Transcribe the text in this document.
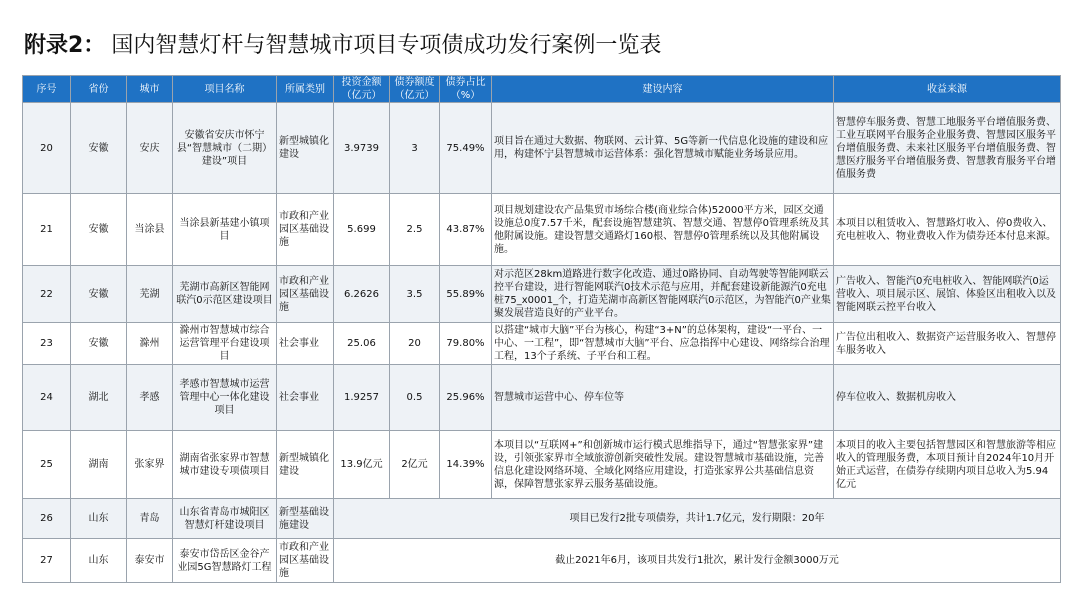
附录2： 国内智慧灯杆与智慧城市项目专项债成功发行案例一览表
序号	省份	城市	项目名称	所属类别	投资金额（亿元）	债券额度（亿元）	债券占比（%）	建设内容	收益来源
20	安徽	安庆	安徽省安庆市怀宁县“智慧城市（二期）建设”项目	新型城镇化建设	3.9739	3	75.49%	项目旨在通过大数据、物联网、云计算、5G等新一代信息化设施的建设和应用，构建怀宁县智慧城市运营体系：强化智慧城市赋能业务场景应用。	智慧停车服务费、智慧工地服务平台增值服务费、工业互联网平台服务企业服务费、智慧园区服务平台增值服务费、未来社区服务平台增值服务费、智慧医疗服务平台增值服务费、智慧教育服务平台增值服务费
21	安徽	当涂县	当涂县新基建小镇项目	市政和产业园区基础设施	5.699	2.5	43.87%	项目规划建设农产品集贸市场综合楼(商业综合体)52000平方米，园区交通设施总0度7.57千米，配套设施智慧建筑、智慧交通、智慧停0管理系统及其他附属设施。建设智慧交通路灯160根、智慧停0管理系统以及其他附属设施。	本项目以租赁收入、智慧路灯收入、停0费收入、充电桩收入、物业费收入作为债券还本付息来源。
22	安徽	芜湖	芜湖市高新区智能网联汽0示范区建设项目	市政和产业园区基础设施	6.2626	3.5	55.89%	对示范区28km道路进行数字化改造、通过0路协同、自动驾驶等智能网联云控平台建设，进行智能网联汽0技术示范与应用，并配套建设新能源汽0充电桩75_x0001_个，打造芜湖市高新区智能网联汽0示范区，为智能汽0产业集聚发展营造良好的产业平台。	广告收入、智能汽0充电桩收入、智能网联汽0运营收入、项目展示区、展馆、体验区出租收入以及智能网联云控平台收入
23	安徽	滁州	滁州市智慧城市综合运营管理平台建设项目	社会事业	25.06	20	79.80%	以搭建“城市大脑”平台为核心，构建“3+N”的总体架构，建设“一平台、一中心、一工程”，即“智慧城市大脑”平台、应急指挥中心建设、网络综合治理工程，13个子系统、子平台和工程。	广告位出租收入、数据资产运营服务收入、智慧停车服务收入
24	湖北	孝感	孝感市智慧城市运营管理中心一体化建设项目	社会事业	1.9257	0.5	25.96%	智慧城市运营中心、停车位等	停车位收入、数据机房收入
25	湖南	张家界	湖南省张家界市智慧城市建设专项债项目	新型城镇化建设	13.9亿元	2亿元	14.39%	本项目以“互联网+”和创新城市运行模式思维指导下，通过“智慧张家界”建设，引领张家界市全域旅游创新突破性发展。建设智慧城市基础设施，完善信息化建设网络环境、全域化网络应用建设，打造张家界公共基础信息资源，保障智慧张家界云服务基础设施。	本项目的收入主要包括智慧园区和智慧旅游等相应收入的管理服务费，本项目预计自2024年10月开始正式运营，在债券存续期内项目总收入为5.94亿元
26	山东	青岛	山东省青岛市城阳区智慧灯杆建设项目	新型基础设施建设	项目已发行2批专项债券，共计1.7亿元，发行期限：20年				
27	山东	泰安市	泰安市岱岳区金谷产业园5G智慧路灯工程	市政和产业园区基础设施	截止2021年6月，该项目共发行1批次，累计发行金额3000万元				
